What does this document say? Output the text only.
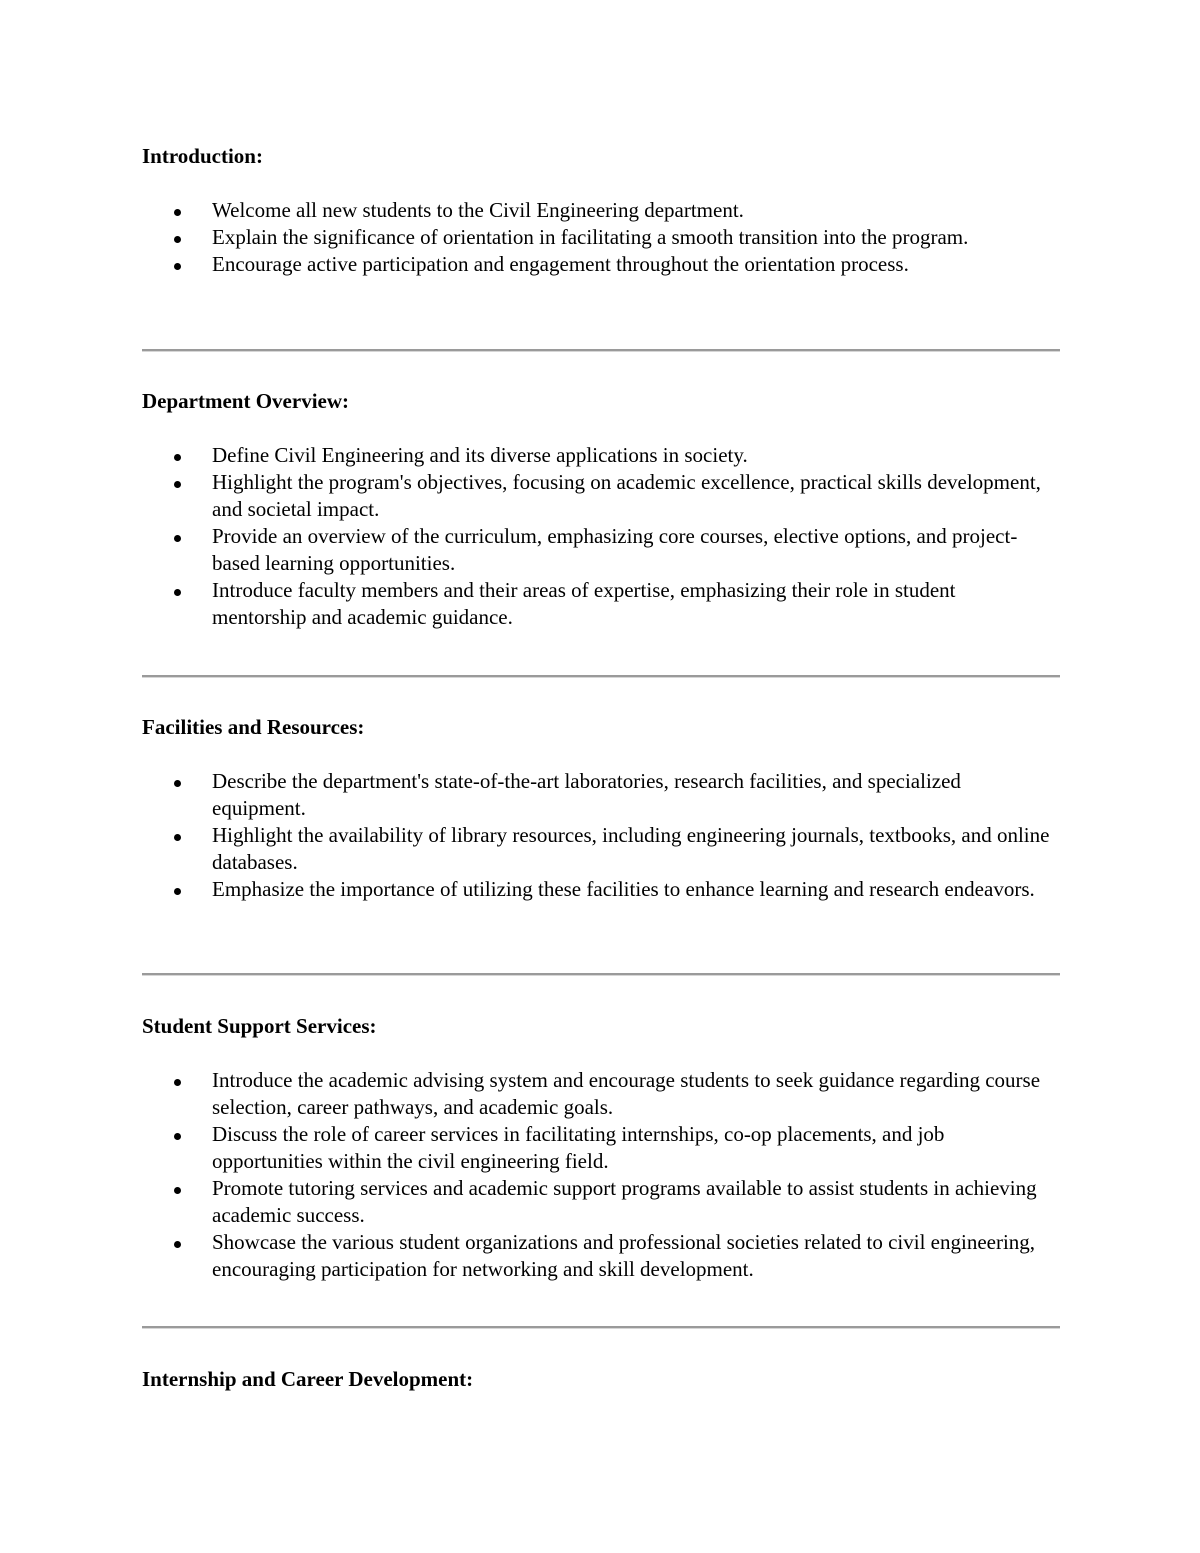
Introduction:

Welcome all new students to the Civil Engineering department.
Explain the significance of orientation in facilitating a smooth transition into the program.
Encourage active participation and engagement throughout the orientation process.

Department Overview:

Define Civil Engineering and its diverse applications in society.
Highlight the program's objectives, focusing on academic excellence, practical skills development, and societal impact.
Provide an overview of the curriculum, emphasizing core courses, elective options, and project-based learning opportunities.
Introduce faculty members and their areas of expertise, emphasizing their role in student mentorship and academic guidance.

Facilities and Resources:

Describe the department's state-of-the-art laboratories, research facilities, and specialized equipment.
Highlight the availability of library resources, including engineering journals, textbooks, and online databases.
Emphasize the importance of utilizing these facilities to enhance learning and research endeavors.

Student Support Services:

Introduce the academic advising system and encourage students to seek guidance regarding course selection, career pathways, and academic goals.
Discuss the role of career services in facilitating internships, co-op placements, and job opportunities within the civil engineering field.
Promote tutoring services and academic support programs available to assist students in achieving academic success.
Showcase the various student organizations and professional societies related to civil engineering, encouraging participation for networking and skill development.

Internship and Career Development:
